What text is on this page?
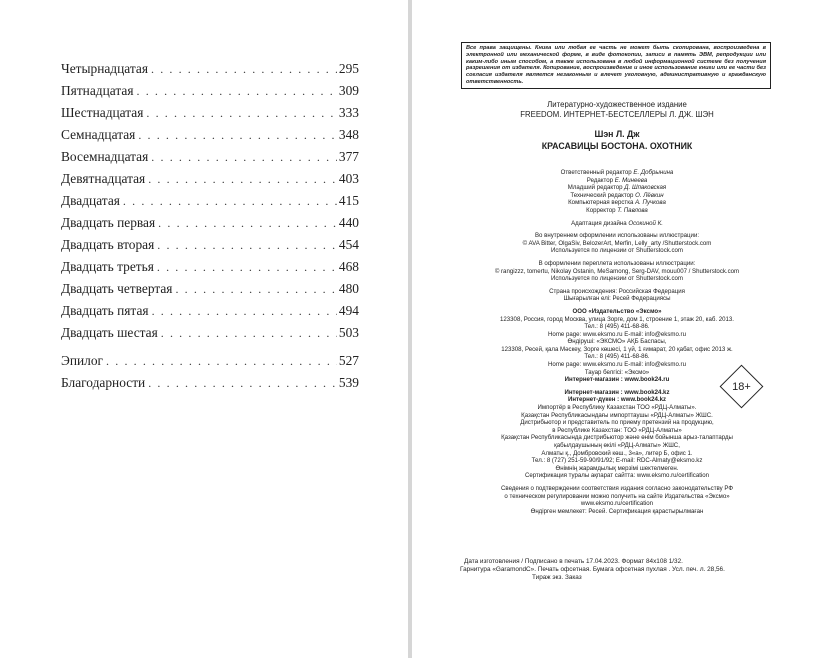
Четырнадцатая . . .	295
Пятнадцатая . . .	309
Шестнадцатая . . .	333
Семнадцатая . . .	348
Восемнадцатая . . .	377
Девятнадцатая . . .	403
Двадцатая . . .	415
Двадцать первая . . .	440
Двадцать вторая . . .	454
Двадцать третья . . .	468
Двадцать четвертая . . .	480
Двадцать пятая . . .	494
Двадцать шестая . . .	503
Эпилог . . .	527
Благодарности . . .	539
Все права защищены. Книга или любая ее часть не может быть скопирована, воспроизведена в электронной или механической форме, в виде фотокопии, записи в память ЭВМ, репродукции или каким-либо иным способом, а также использована в любой информационной системе без получения разрешения от издателя. Копирование, воспроизведение и иное использование книги или ее части без согласия издателя является незаконным и влечет уголовную, административную и гражданскую ответственность.
Литературно-художественное издание
FREEDOM. ИНТЕРНЕТ-БЕСТСЕЛЛЕРЫ Л. ДЖ. ШЭН
Шэн Л. Дж
КРАСАВИЦЫ БОСТОНА. ОХОТНИК
Ответственный редактор Е. Добрынина
Редактор Е. Минеева
Младший редактор Д. Шпаковская
Технический редактор О. Лёвкин
Компьютерная верстка А. Пучкова
Корректор Т. Павлова
Адаптация дизайна Осокиной К.
Во внутреннем оформлении использованы иллюстрации:
© AVA Bitter, OlgaSiv, BelozerArt, Merfin, Lelly_arty /Shutterstock.com
Используется по лицензии от Shutterstock.com
В оформлении переплета использованы иллюстрации:
© rangizzz, tomertu, Nikolay Ostanin, MeSamong, Serg-DAV, mouu007 / Shutterstock.com
Используется по лицензии от Shutterstock.com
Страна происхождения: Российская Федерация
Шығарылған елі: Ресей Федерациясы
ООО «Издательство «Эксмо»
123308, Россия, город Москва, улица Зорге, дом 1, строение 1, этаж 20, каб. 2013.
Тел.: 8 (495) 411-68-86.
Home page: www.eksmo.ru E-mail: info@eksmo.ru
Өндіруші: «ЭКСМО» АҚБ Баспасы,
123308, Ресей, қала Мәскеу, Зорге көшесі, 1 үй, 1 ғимарат, 20 қабат, офис 2013 ж.
Тел.: 8 (495) 411-68-86.
Home page: www.eksmo.ru E-mail: info@eksmo.ru
Тауар белгісі: «Эксмо»
Интернет-магазин : www.book24.ru
Интернет-магазин : www.book24.kz
Интернет-дүкен : www.book24.kz
Импортёр в Республику Казахстан ТОО «РДЦ-Алматы».
Қазақстан Республикасындағы импорттаушы «РДЦ-Алматы» ЖШС.
Дистрибьютор и представитель по приему претензий на продукцию,
в Республике Казахстан: ТОО «РДЦ-Алматы»
Қазақстан Республикасында дистрибьютор және өнім бойынша арыз-талаптарды
қабылдаушының өкілі «РДЦ-Алматы» ЖШС,
Алматы қ., Домбровский көш., 3«а», литер Б, офис 1.
Тел.: 8 (727) 251-59-90/91/92; E-mail: RDC-Almaty@eksmo.kz
Өнімнің жарамдылық мерзімі шектелмеген.
Сертификация туралы ақпарат сайтта: www.eksmo.ru/certification
Сведения о подтверждении соответствия издания согласно законодательству РФ
о техническом регулировании можно получить на сайте Издательства «Эксмо»
www.eksmo.ru/certification
Өндірген мемлекет: Ресей. Сертификация қарастырылмаған
18+
Дата изготовления / Подписано в печать 17.04.2023. Формат 84x108 1/32.
Гарнитура «GaramondC». Печать офсетная. Бумага офсетная пухлая . Усл. печ. л. 28,56.
Тираж экз. Заказ
